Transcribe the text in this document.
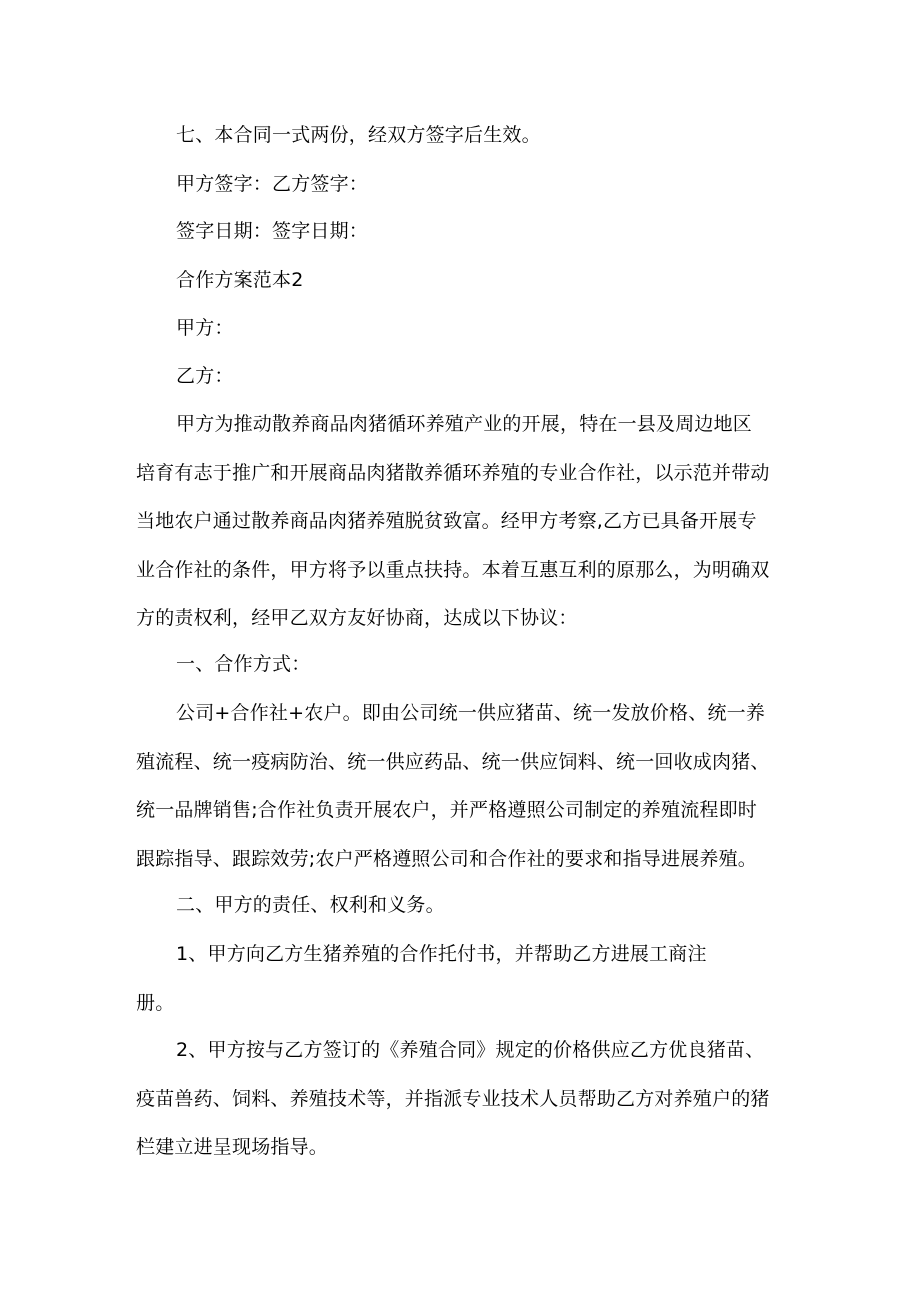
七、本合同一式两份，经双方签字后生效。
甲方签字：乙方签字：
签字日期：签字日期：
合作方案范本2
甲方：
乙方：
甲方为推动散养商品肉猪循环养殖产业的开展，特在一县及周边地区
培育有志于推广和开展商品肉猪散养循环养殖的专业合作社，以示范并带动
当地农户通过散养商品肉猪养殖脱贫致富。经甲方考察,乙方已具备开展专
业合作社的条件，甲方将予以重点扶持。本着互惠互利的原那么，为明确双
方的责权利，经甲乙双方友好协商，达成以下协议：
一、合作方式：
公司+合作社+农户。即由公司统一供应猪苗、统一发放价格、统一养
殖流程、统一疫病防治、统一供应药品、统一供应饲料、统一回收成肉猪、
统一品牌销售;合作社负责开展农户，并严格遵照公司制定的养殖流程即时
跟踪指导、跟踪效劳;农户严格遵照公司和合作社的要求和指导进展养殖。
二、甲方的责任、权利和义务。
1、甲方向乙方生猪养殖的合作托付书，并帮助乙方进展工商注
册。
2、甲方按与乙方签订的《养殖合同》规定的价格供应乙方优良猪苗、
疫苗兽药、饲料、养殖技术等，并指派专业技术人员帮助乙方对养殖户的猪
栏建立进呈现场指导。
